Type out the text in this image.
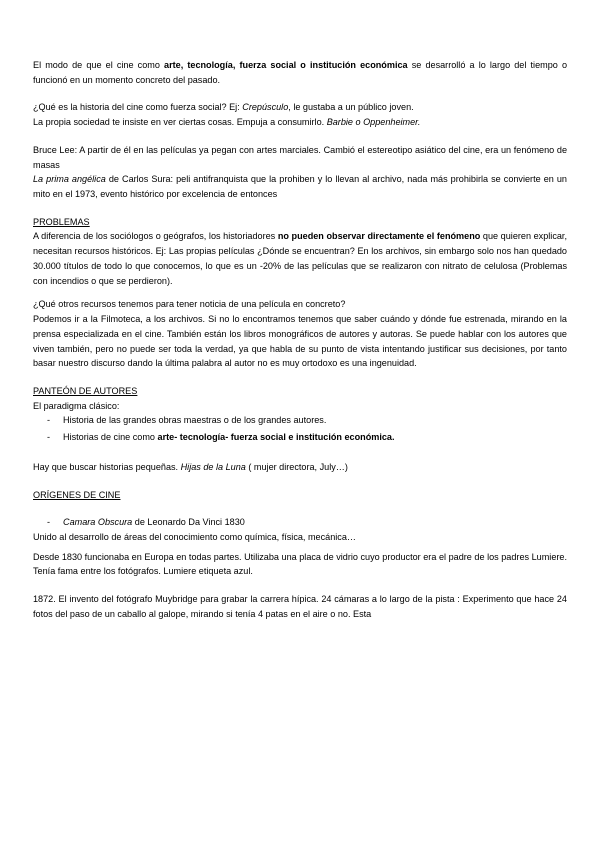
El modo de que el cine como arte, tecnología, fuerza social o institución económica se desarrolló a lo largo del tiempo o funcionó en un momento concreto del pasado.

¿Qué es la historia del cine como fuerza social? Ej: Crepúsculo, le gustaba a un público joven.

La propia sociedad te insiste en ver ciertas cosas. Empuja a consumirlo. Barbie o Oppenheimer.

Bruce Lee: A partir de él en las películas ya pegan con artes marciales. Cambió el estereotipo asiático del cine, era un fenómeno de masas

La prima angélica de Carlos Sura: peli antifranquista que la prohiben y lo llevan al archivo, nada más prohibirla se convierte en un mito en el 1973, evento histórico por excelencia de entonces

PROBLEMAS

A diferencia de los sociólogos o geógrafos, los historiadores no pueden observar directamente el fenómeno que quieren explicar, necesitan recursos históricos. Ej: Las propias películas ¿Dónde se encuentran? En los archivos, sin embargo solo nos han quedado 30.000 títulos de todo lo que conocemos, lo que es un -20% de las películas que se realizaron con nitrato de celulosa (Problemas con incendios o que se perdieron).

¿Qué otros recursos tenemos para tener noticia de una película en concreto?

Podemos ir a la Filmoteca, a los archivos. Si no lo encontramos tenemos que saber cuándo y dónde fue estrenada, mirando en la prensa especializada en el cine. También están los libros monográficos de autores y autoras. Se puede hablar con los autores que viven también, pero no puede ser toda la verdad, ya que habla de su punto de vista intentando justificar sus decisiones, por tanto basar nuestro discurso dando la última palabra al autor no es muy ortodoxo es una ingenuidad.

PANTEÓN DE AUTORES

El paradigma clásico:

- Historia de las grandes obras maestras o de los grandes autores.
- Historias de cine como arte- tecnología- fuerza social e institución económica.

Hay que buscar historias pequeñas. Hijas de la Luna ( mujer directora, July…)

ORÍGENES DE CINE

- Camara Obscura de Leonardo Da Vinci 1830

Unido al desarrollo de áreas del conocimiento como química, física, mecánica…

Desde 1830 funcionaba en Europa en todas partes. Utilizaba una placa de vidrio cuyo productor era el padre de los padres Lumiere. Tenía fama entre los fotógrafos. Lumiere etiqueta azul.

1872. El invento del fotógrafo Muybridge para grabar la carrera hípica. 24 cámaras a lo largo de la pista : Experimento que hace 24 fotos del paso de un caballo al galope, mirando si tenía 4 patas en el aire o no. Esta
